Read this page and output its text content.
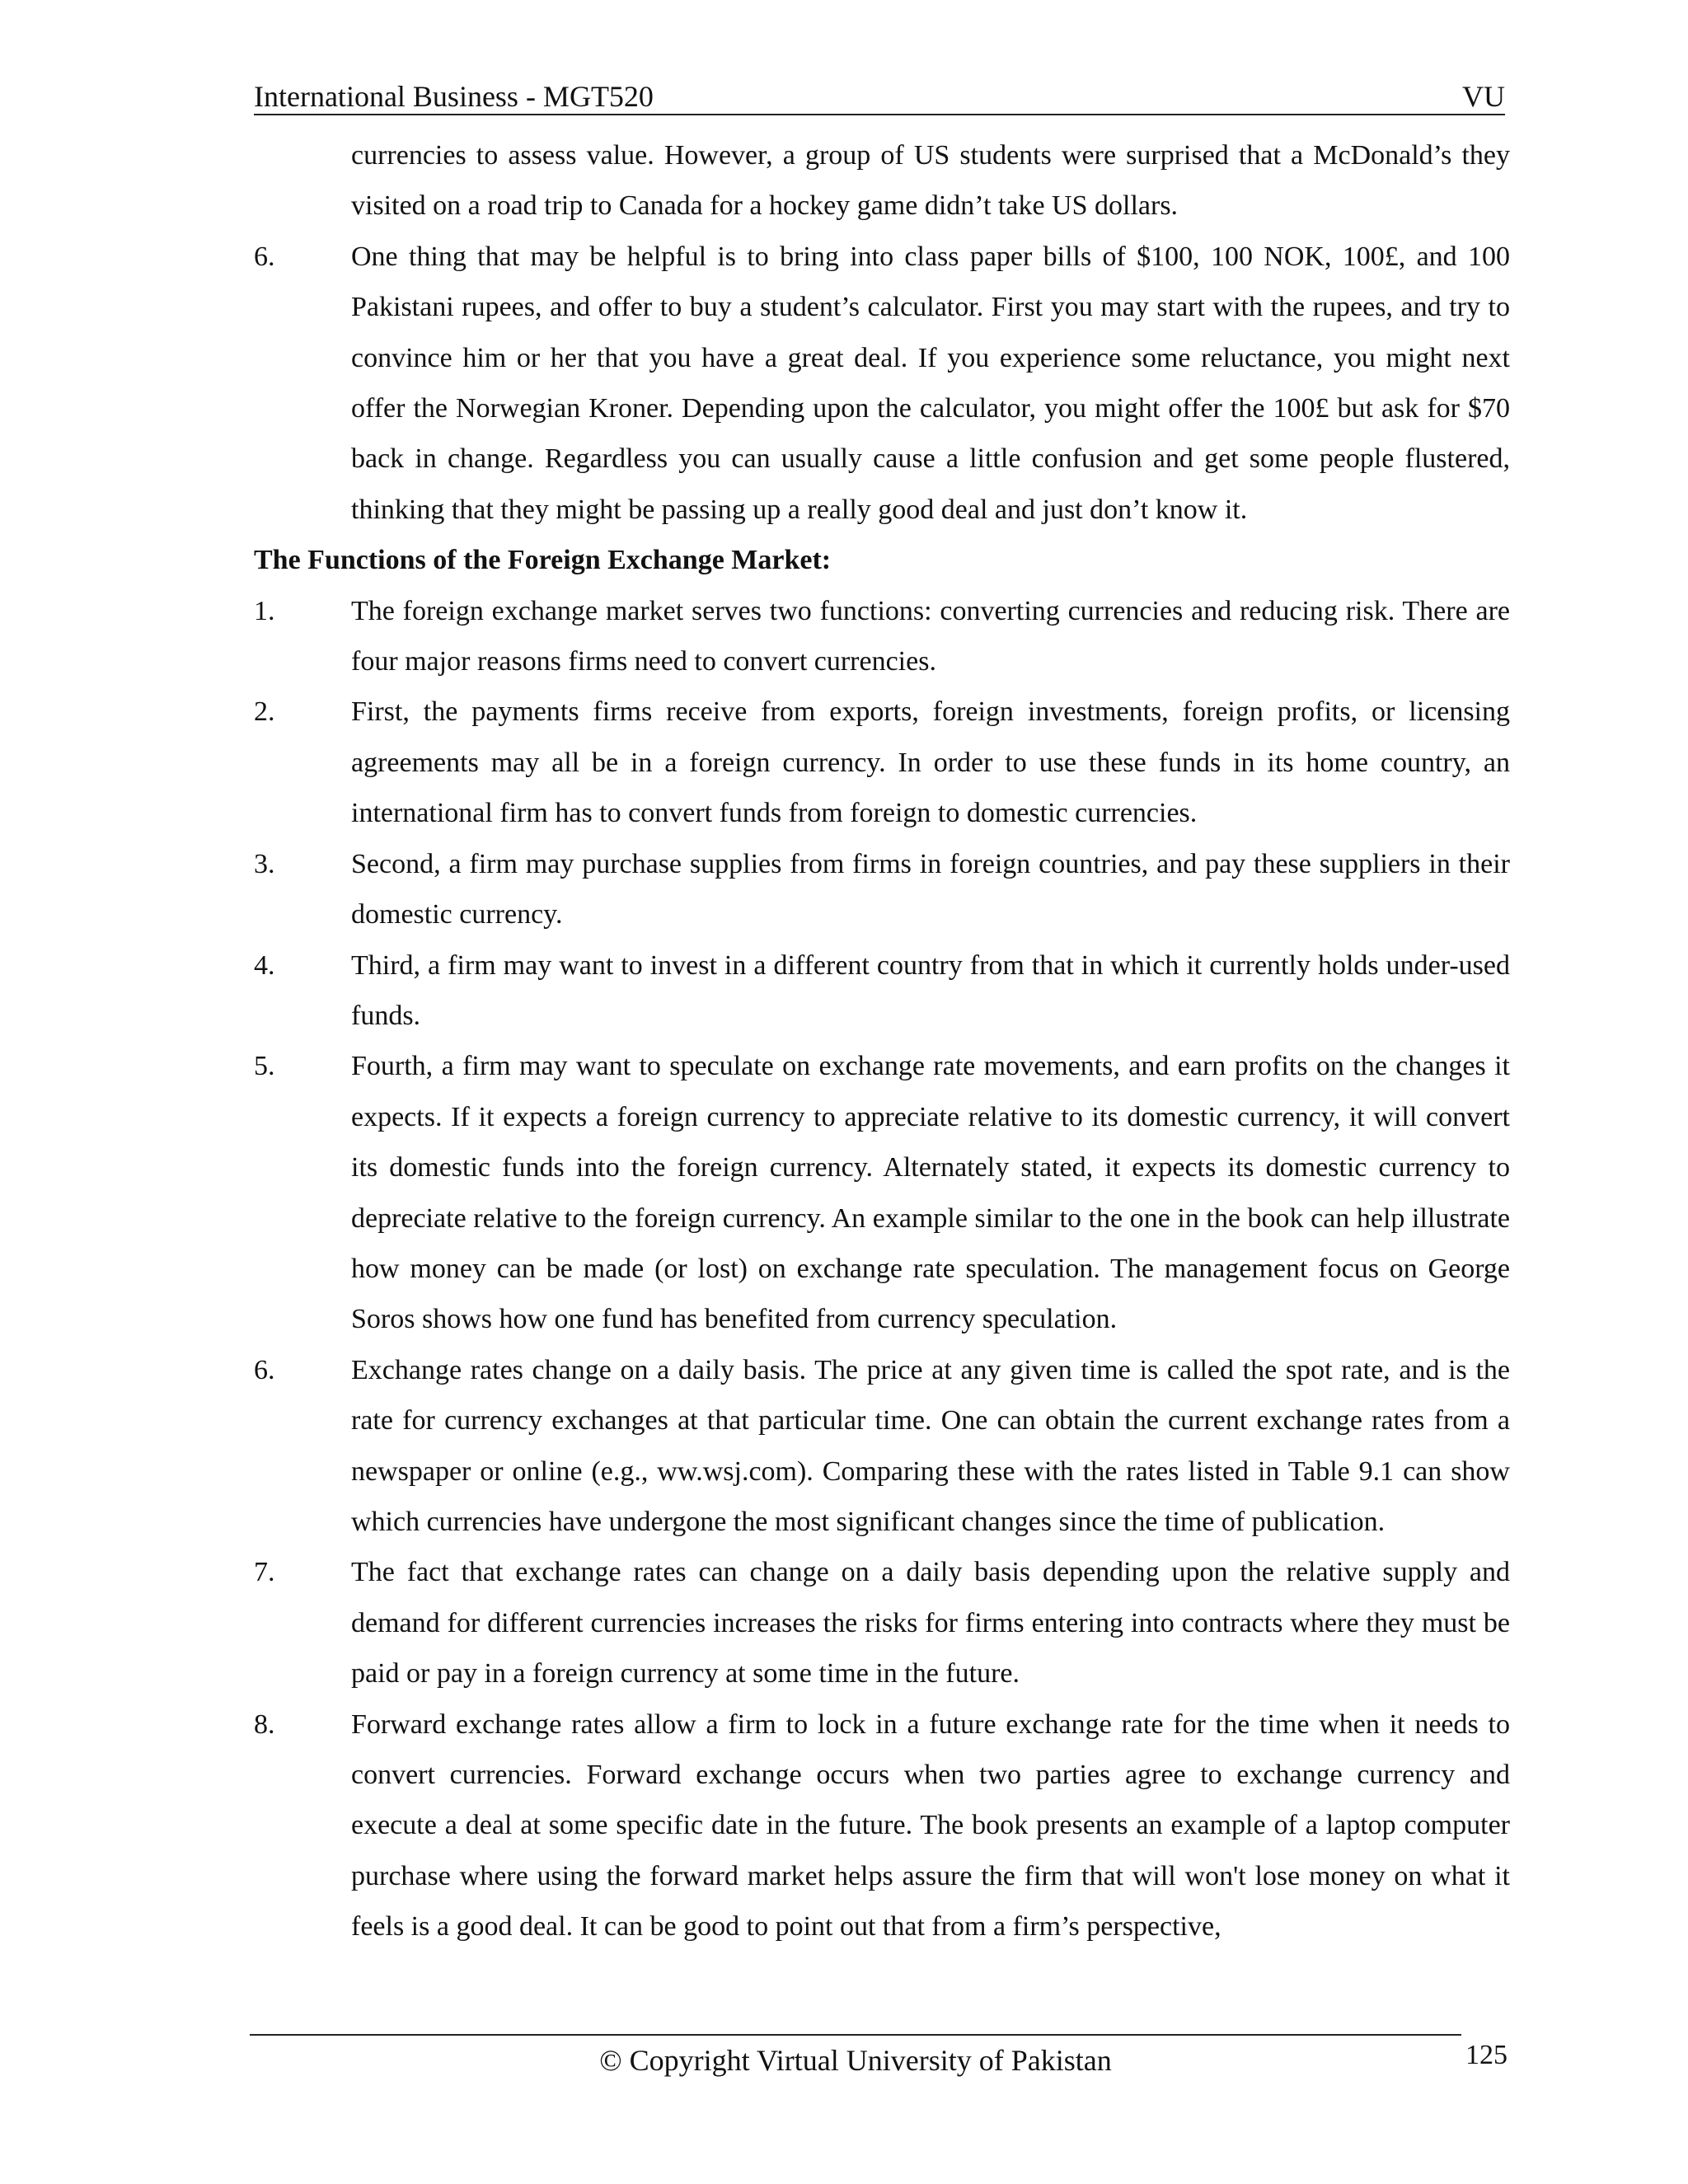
International Business - MGT520	VU
currencies to assess value. However, a group of US students were surprised that a McDonald’s they visited on a road trip to Canada for a hockey game didn’t take US dollars.
6.	One thing that may be helpful is to bring into class paper bills of $100, 100 NOK, 100£, and 100 Pakistani rupees, and offer to buy a student’s calculator. First you may start with the rupees, and try to convince him or her that you have a great deal. If you experience some reluctance, you might next offer the Norwegian Kroner. Depending upon the calculator, you might offer the 100£ but ask for $70 back in change. Regardless you can usually cause a little confusion and get some people flustered, thinking that they might be passing up a really good deal and just don’t know it.
The Functions of the Foreign Exchange Market:
1.	The foreign exchange market serves two functions: converting currencies and reducing risk. There are four major reasons firms need to convert currencies.
2.	First, the payments firms receive from exports, foreign investments, foreign profits, or licensing agreements may all be in a foreign currency. In order to use these funds in its home country, an international firm has to convert funds from foreign to domestic currencies.
3.	Second, a firm may purchase supplies from firms in foreign countries, and pay these suppliers in their domestic currency.
4.	Third, a firm may want to invest in a different country from that in which it currently holds under-used funds.
5.	Fourth, a firm may want to speculate on exchange rate movements, and earn profits on the changes it expects. If it expects a foreign currency to appreciate relative to its domestic currency, it will convert its domestic funds into the foreign currency. Alternately stated, it expects its domestic currency to depreciate relative to the foreign currency. An example similar to the one in the book can help illustrate how money can be made (or lost) on exchange rate speculation. The management focus on George Soros shows how one fund has benefited from currency speculation.
6.	Exchange rates change on a daily basis. The price at any given time is called the spot rate, and is the rate for currency exchanges at that particular time. One can obtain the current exchange rates from a newspaper or online (e.g., ww.wsj.com). Comparing these with the rates listed in Table 9.1 can show which currencies have undergone the most significant changes since the time of publication.
7.	The fact that exchange rates can change on a daily basis depending upon the relative supply and demand for different currencies increases the risks for firms entering into contracts where they must be paid or pay in a foreign currency at some time in the future.
8.	Forward exchange rates allow a firm to lock in a future exchange rate for the time when it needs to convert currencies. Forward exchange occurs when two parties agree to exchange currency and execute a deal at some specific date in the future. The book presents an example of a laptop computer purchase where using the forward market helps assure the firm that will won't lose money on what it feels is a good deal. It can be good to point out that from a firm’s perspective,
© Copyright Virtual University of Pakistan	125
